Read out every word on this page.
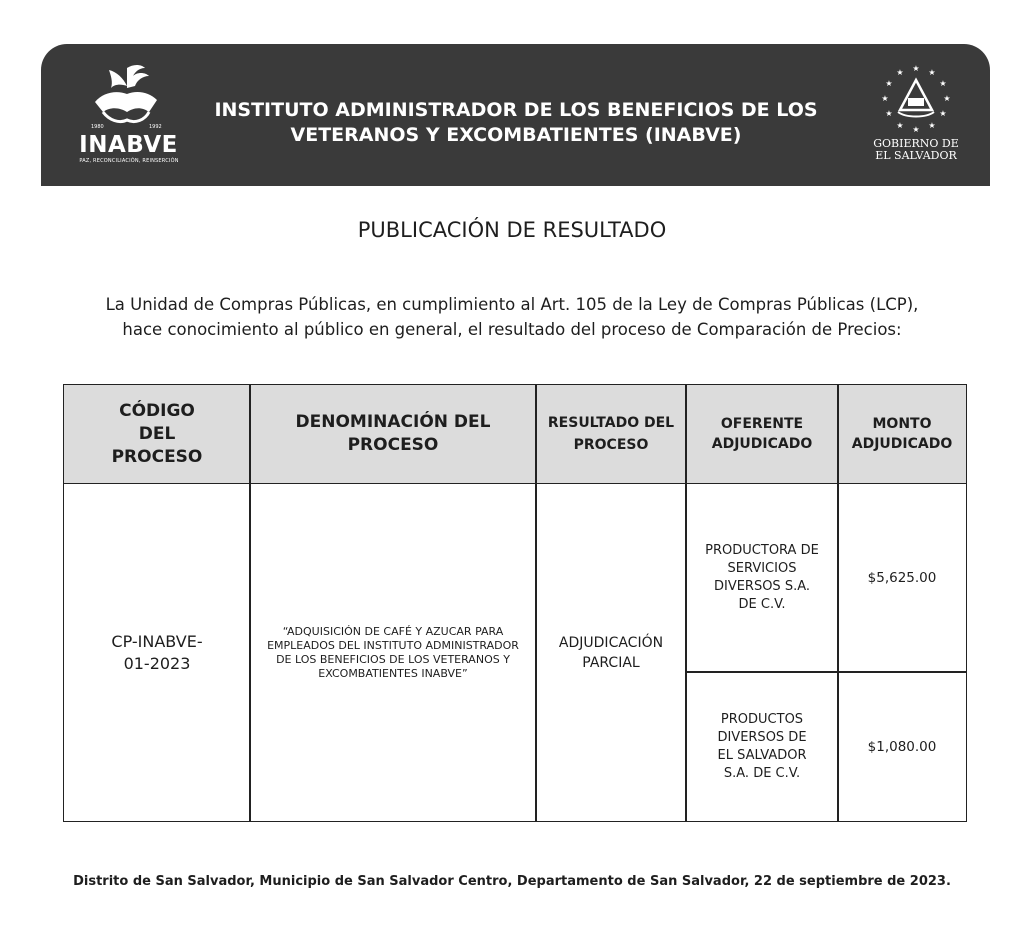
1980	1992
INABVE
PAZ, RECONCILIACIÓN, REINSERCIÓN
INSTITUTO ADMINISTRADOR DE LOS BENEFICIOS DE LOS
VETERANOS Y EXCOMBATIENTES (INABVE)
★ ★
★
★
★
★
★
★
★
★
★
★
GOBIERNO DE
EL SALVADOR
PUBLICACIÓN DE RESULTADO
La Unidad de Compras Públicas, en cumplimiento al Art. 105 de la Ley de Compras Públicas (LCP),
hace conocimiento al público en general, el resultado del proceso de Comparación de Precios:
CÓDIGO DEL PROCESO
DENOMINACIÓN DEL PROCESO
RESULTADO DEL PROCESO
OFERENTE ADJUDICADO
MONTO ADJUDICADO
CP-INABVE-01-2023
“ADQUISICIÓN DE CAFÉ Y AZUCAR PARA EMPLEADOS DEL INSTITUTO ADMINISTRADOR DE LOS BENEFICIOS DE LOS VETERANOS Y EXCOMBATIENTES INABVE”
ADJUDICACIÓN PARCIAL
PRODUCTORA DE SERVICIOS DIVERSOS S.A. DE C.V.
$5,625.00
PRODUCTOS DIVERSOS DE EL SALVADOR S.A. DE C.V.
$1,080.00
Distrito de San Salvador, Municipio de San Salvador Centro, Departamento de San Salvador, 22 de septiembre de 2023.
